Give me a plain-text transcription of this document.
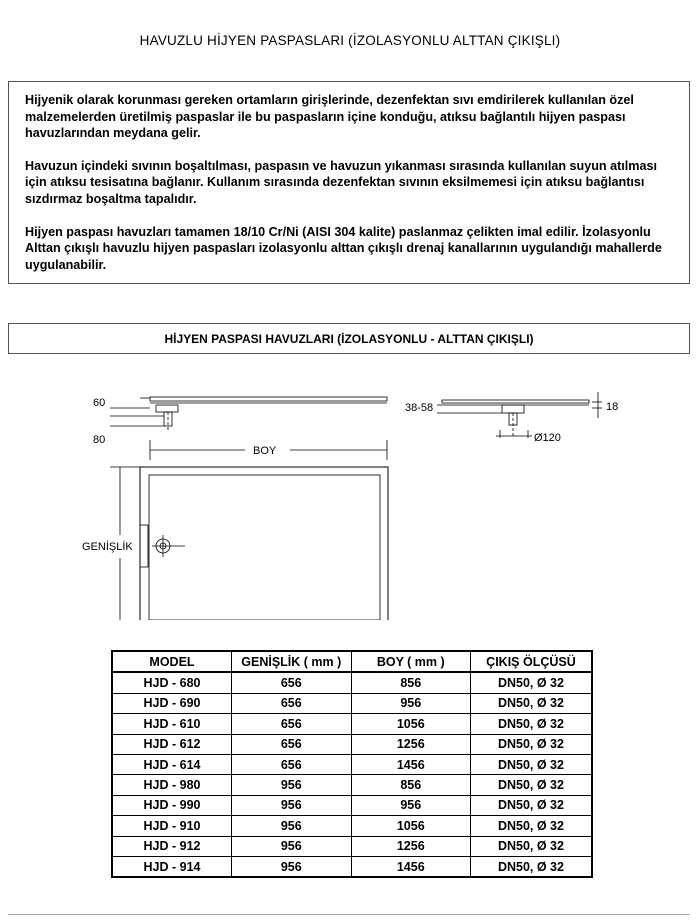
HAVUZLU HİJYEN PASPASLARI (İZOLASYONLU ALTTAN ÇIKIŞLI)

Hijyenik olarak korunması gereken ortamların girişlerinde, dezenfektan sıvı emdirilerek kullanılan özel malzemelerden üretilmiş paspaslar ile bu paspasların içine konduğu, atıksu bağlantılı hijyen paspası havuzlarından meydana gelir.

Havuzun içindeki sıvının boşaltılması, paspasın ve havuzun yıkanması sırasında kullanılan suyun atılması için atıksu tesisatına bağlanır. Kullanım sırasında dezenfektan sıvının eksilmemesi için atıksu bağlantısı sızdırmaz boşaltma tapalıdır.

Hijyen paspası havuzları tamamen 18/10 Cr/Ni (AISI 304 kalite) paslanmaz çelikten imal edilir. İzolasyonlu Alttan çıkışlı havuzlu hijyen paspasları izolasyonlu alttan çıkışlı drenaj kanallarının uygulandığı mahallerde uygulanabilir.

HİJYEN PASPASI HAVUZLARI (İZOLASYONLU - ALTTAN ÇIKIŞLI)
60
80
38-58	18
Ø120
BOY
GENİŞLİK
MODEL	GENİŞLİK ( mm )	BOY ( mm )	ÇIKIŞ ÖLÇÜSÜ
HJD - 680	656	856	DN50, Ø 32
HJD - 690	656	956	DN50, Ø 32
HJD - 610	656	1056	DN50, Ø 32
HJD - 612	656	1256	DN50, Ø 32
HJD - 614	656	1456	DN50, Ø 32
HJD - 980	956	856	DN50, Ø 32
HJD - 990	956	956	DN50, Ø 32
HJD - 910	956	1056	DN50, Ø 32
HJD - 912	956	1256	DN50, Ø 32
HJD - 914	956	1456	DN50, Ø 32
